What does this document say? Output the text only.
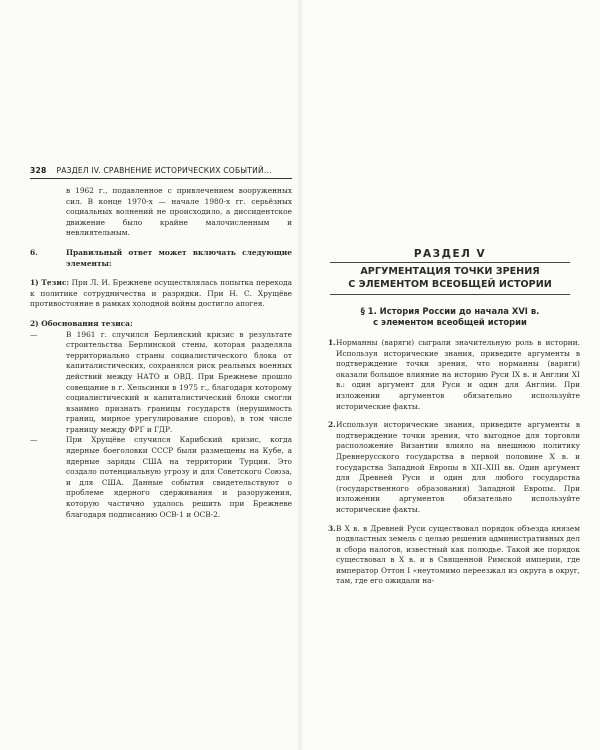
328 РАЗДЕЛ IV. СРАВНЕНИЕ ИСТОРИЧЕСКИХ СОБЫТИЙ...

в 1962 г., подавленное с привлечением вооруженных сил. В конце 1970-х — начале 1980-х гг. серьёзных социальных волнений не происходило, а диссидентское движение было крайне малочисленным и невлиятельным.

6.	Правильный ответ может включать следующие элементы:
1) Тезис: При Л. И. Брежневе осуществлялась попытка перехода к политике сотрудничества и разрядки. При Н. С. Хрущёве противостояние в рамках холодной войны достигло апогея.

2) Обоснования тезиса:

—	В 1961 г. случился Берлинский кризис в результате строительства Берлинской стены, которая разделяла территориально страны социалистического блока от капиталистических, сохранялся риск реальных военных действий между НАТО и ОВД. При Брежневе прошло совещание в г. Хельсинки в 1975 г., благодаря которому социалистический и капиталистический блоки смогли взаимно признать границы государств (нерушимость границ, мирное урегулирование споров), в том числе границу между ФРГ и ГДР.
—	При Хрущёве случился Карибский кризис, когда ядерные боеголовки СССР были размещены на Кубе, а ядерные заряды США на территории Турции. Это создало потенциальную угрозу и для Советского Союза, и для США. Данные события свидетельствуют о проблеме ядерного сдерживания и разоружения, которую частично удалось решить при Брежневе благодаря подписанию ОСВ-1 и ОСВ-2.
РАЗДЕЛ V
АРГУМЕНТАЦИЯ ТОЧКИ ЗРЕНИЯ
С ЭЛЕМЕНТОМ ВСЕОБЩЕЙ ИСТОРИИ
§ 1. История России до начала XVI в.
с элементом всеобщей истории
1. Норманны (варяги) сыграли значительную роль в истории. Используя исторические знания, приведите аргументы в подтверждение точки зрения, что норманны (варяги) оказали большое влияние на историю Руси IX в. и Англии XI в.: один аргумент для Руси и один для Англии. При изложении аргументов обязательно используйте исторические факты.
2. Используя исторические знания, приведите аргументы в подтверждение точки зрения, что выгодное для торговли расположение Византии влияло на внешнюю политику Древнерусского государства в первой половине X в. и государства Западной Европы в XII–XIII вв. Один аргумент для Древней Руси и один для любого государства (государственного образования) Западной Европы. При изложении аргументов обязательно используйте исторические факты.
3. В X в. в Древней Руси существовал порядок объезда князем подвластных земель с целью решения административных дел и сбора налогов, известный как полюдье. Такой же порядок существовал в X в. и в Священной Римской империи, где император Оттон I «неутомимо переезжал из округа в округ, там, где его ожидали на-
